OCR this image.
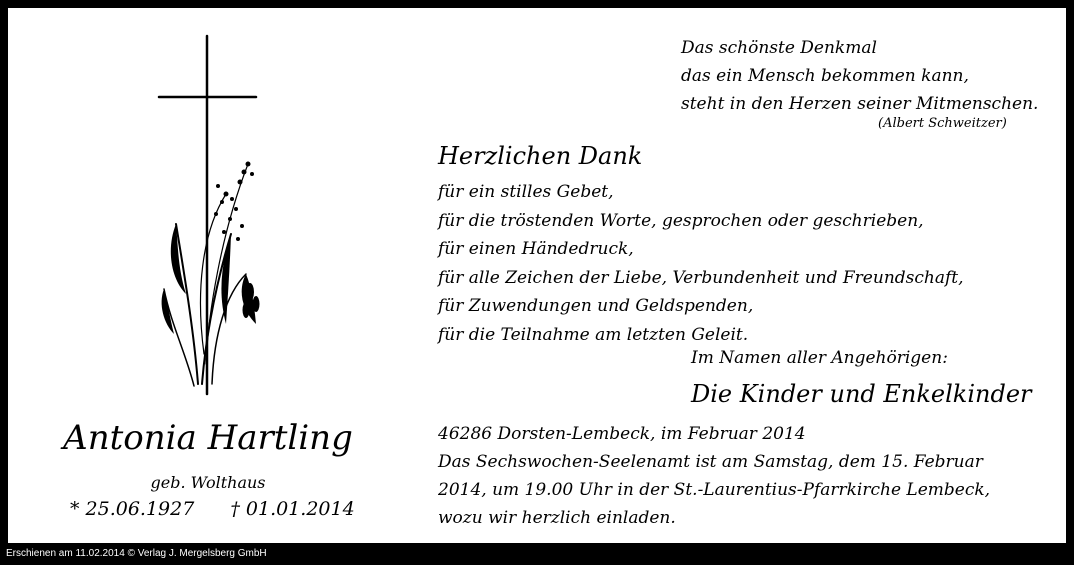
Das schönste Denkmal
das ein Mensch bekommen kann,
steht in den Herzen seiner Mitmenschen.
(Albert Schweitzer)
Herzlichen Dank
für ein stilles Gebet,
für die tröstenden Worte, gesprochen oder geschrieben,
für einen Händedruck,
für alle Zeichen der Liebe, Verbundenheit und Freundschaft,
für Zuwendungen und Geldspenden,
für die Teilnahme am letzten Geleit.
Im Namen aller Angehörigen:
Die Kinder und Enkelkinder
46286 Dorsten-Lembeck, im Februar 2014
Das Sechswochen-Seelenamt ist am Samstag, dem 15. Februar
2014, um 19.00 Uhr in der St.-Laurentius-Pfarrkirche Lembeck,
wozu wir herzlich einladen.
Antonia Hartling
geb. Wolthaus
* 25.06.1927 † 01.01.2014
Erschienen am 11.02.2014 © Verlag J. Mergelsberg GmbH
